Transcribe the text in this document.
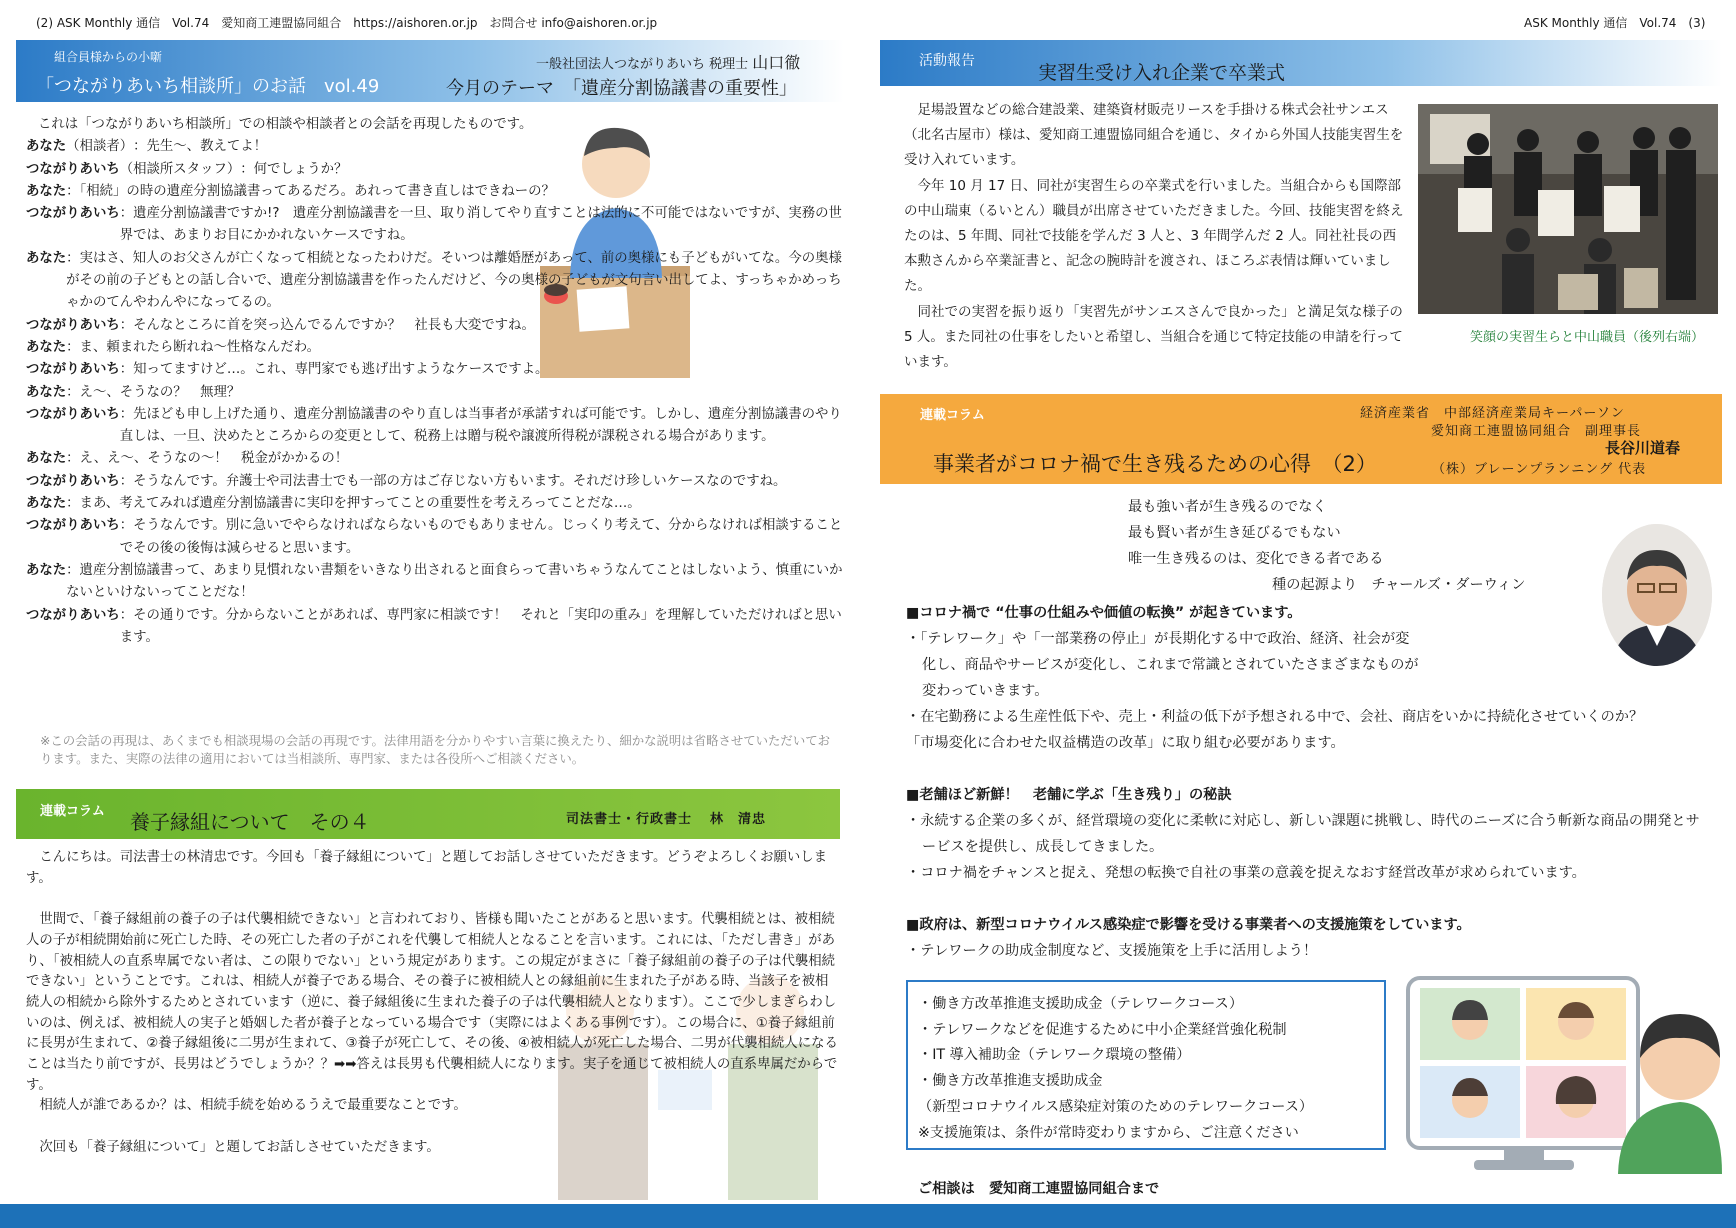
(2) ASK Monthly 通信　Vol.74　愛知商工連盟協同組合　https://aishoren.or.jp　お問合せ info@aishoren.or.jp	ASK Monthly 通信　Vol.74　(3)
組合員様からの小噺
「つながりあいち相談所」のお話　vol.49
一般社団法人つながりあいち 税理士 山口徹
今月のテーマ　「遺産分割協議書の重要性」
これは「つながりあいち相談所」での相談や相談者との会話を再現したものです。
あなた（相談者） ：先生〜、教えてよ！
つながりあいち（相談所スタッフ） ：何でしょうか？
あなた ：「相続」の時の遺産分割協議書ってあるだろ。あれって書き直しはできねーの？
つながりあいち ：遺産分割協議書ですか!?　遺産分割協議書を一旦、取り消してやり直すことは法的に不可能ではないですが、実務の世界では、あまりお目にかかれないケースですね。
あなた ：実はさ、知人のお父さんが亡くなって相続となったわけだ。そいつは離婚歴があって、前の奥様にも子どもがいてな。今の奥様がその前の子どもとの話し合いで、遺産分割協議書を作ったんだけど、今の奥様の子どもが文句言い出してよ、すっちゃかめっちゃかのてんやわんやになってるの。
つながりあいち ：そんなところに首を突っ込んでるんですか？　社長も大変ですね。
あなた ：ま、頼まれたら断れね〜性格なんだわ。
つながりあいち ：知ってますけど…。これ、専門家でも逃げ出すようなケースですよ。
あなた ：え〜、そうなの？　無理？
つながりあいち ：先ほども申し上げた通り、遺産分割協議書のやり直しは当事者が承諾すれば可能です。しかし、遺産分割協議書のやり直しは、一旦、決めたところからの変更として、税務上は贈与税や譲渡所得税が課税される場合があります。
あなた ：え、え〜、そうなの〜！　税金がかかるの！
つながりあいち ：そうなんです。弁護士や司法書士でも一部の方はご存じない方もいます。それだけ珍しいケースなのですね。
あなた ：まあ、考えてみれば遺産分割協議書に実印を押すってことの重要性を考えろってことだな…。
つながりあいち ：そうなんです。別に急いでやらなければならないものでもありません。じっくり考えて、分からなければ相談することでその後の後悔は減らせると思います。
あなた ：遺産分割協議書って、あまり見慣れない書類をいきなり出されると面食らって書いちゃうなんてことはしないよう、慎重にいかないといけないってことだな！
つながりあいち ：その通りです。分からないことがあれば、専門家に相談です！　それと「実印の重み」を理解していただければと思います。
※この会話の再現は、あくまでも相談現場の会話の再現です。法律用語を分かりやすい言葉に換えたり、細かな説明は省略させていただいております。また、実際の法律の適用においては当相談所、専門家、または各役所へご相談ください。
連載コラム 養子縁組について　その４	司法書士・行政書士 林　清忠

こんにちは。司法書士の林清忠です。今回も「養子縁組について」と題してお話しさせていただきます。どうぞよろしくお願いします。

世間で、「養子縁組前の養子の子は代襲相続できない」と言われており、皆様も聞いたことがあると思います。代襲相続とは、被相続人の子が相続開始前に死亡した時、その死亡した者の子がこれを代襲して相続人となることを言います。これには、「ただし書き」があり、「被相続人の直系卑属でない者は、この限りでない」という規定があります。この規定がまさに「養子縁組前の養子の子は代襲相続できない」ということです。これは、相続人が養子である場合、その養子に被相続人との縁組前に生まれた子がある時、当該子を被相続人の相続から除外するためとされています（逆に、養子縁組後に生まれた養子の子は代襲相続人となります）。ここで少しまぎらわしいのは、例えば、被相続人の実子と婚姻した者が養子となっている場合です（実際にはよくある事例です）。この場合に、①養子縁組前に長男が生まれて、②養子縁組後に二男が生まれて、③養子が死亡して、その後、④被相続人が死亡した場合、二男が代襲相続人になることは当たり前ですが、長男はどうでしょうか？？➡➡答えは長男も代襲相続人になります。実子を通じて被相続人の直系卑属だからです。

相続人が誰であるか？は、相続手続を始めるうえで最重要なことです。

次回も「養子縁組について」と題してお話しさせていただきます。

活動報告
実習生受け入れ企業で卒業式

足場設置などの総合建設業、建築資材販売リースを手掛ける株式会社サンエス（北名古屋市）様は、愛知商工連盟協同組合を通じ、タイから外国人技能実習生を受け入れています。

今年 10 月 17 日、同社が実習生らの卒業式を行いました。当組合からも国際部の中山瑞東（るいとん）職員が出席させていただきました。今回、技能実習を終えたのは、5 年間、同社で技能を学んだ 3 人と、3 年間学んだ 2 人。同社社長の西本勲さんから卒業証書と、記念の腕時計を渡され、ほころぶ表情は輝いていました。

同社での実習を振り返り「実習先がサンエスさんで良かった」と満足気な様子の 5 人。また同社の仕事をしたいと希望し、当組合を通じて特定技能の申請を行っています。

笑顔の実習生らと中山職員（後列右端）
連載コラム	経済産業省　中部経済産業局キーパーソン
愛知商工連盟協同組合　副理事長
長谷川道春
事業者がコロナ禍で生き残るための心得　（2）	（株）ブレーンプランニング 代表
最も強い者が生き残るのでなく
最も賢い者が生き延びるでもない
唯一生き残るのは、変化できる者である
種の起源より　チャールズ・ダーウィン

■コロナ禍で “仕事の仕組みや価値の転換” が起きています。

・「テレワーク」や「一部業務の停止」が長期化する中で政治、経済、社会が変化し、商品やサービスが変化し、これまで常識とされていたさまざまなものが変わっていきます。

・在宅勤務による生産性低下や、売上・利益の低下が予想される中で、会社、商店をいかに持続化させていくのか？

「市場変化に合わせた収益構造の改革」に取り組む必要があります。

■老舗ほど新鮮！　老舗に学ぶ「生き残り」の秘訣

・永続する企業の多くが、経営環境の変化に柔軟に対応し、新しい課題に挑戦し、時代のニーズに合う斬新な商品の開発とサービスを提供し、成長してきました。

・コロナ禍をチャンスと捉え、発想の転換で自社の事業の意義を捉えなおす経営改革が求められています。

■政府は、新型コロナウイルス感染症で影響を受ける事業者への支援施策をしています。

・テレワークの助成金制度など、支援施策を上手に活用しよう！

・働き方改革推進支援助成金（テレワークコース）

・テレワークなどを促進するために中小企業経営強化税制

・IT 導入補助金（テレワーク環境の整備）

・働き方改革推進支援助成金

（新型コロナウイルス感染症対策のためのテレワークコース）

※支援施策は、条件が常時変わりますから、ご注意ください

ご相談は　愛知商工連盟協同組合まで
